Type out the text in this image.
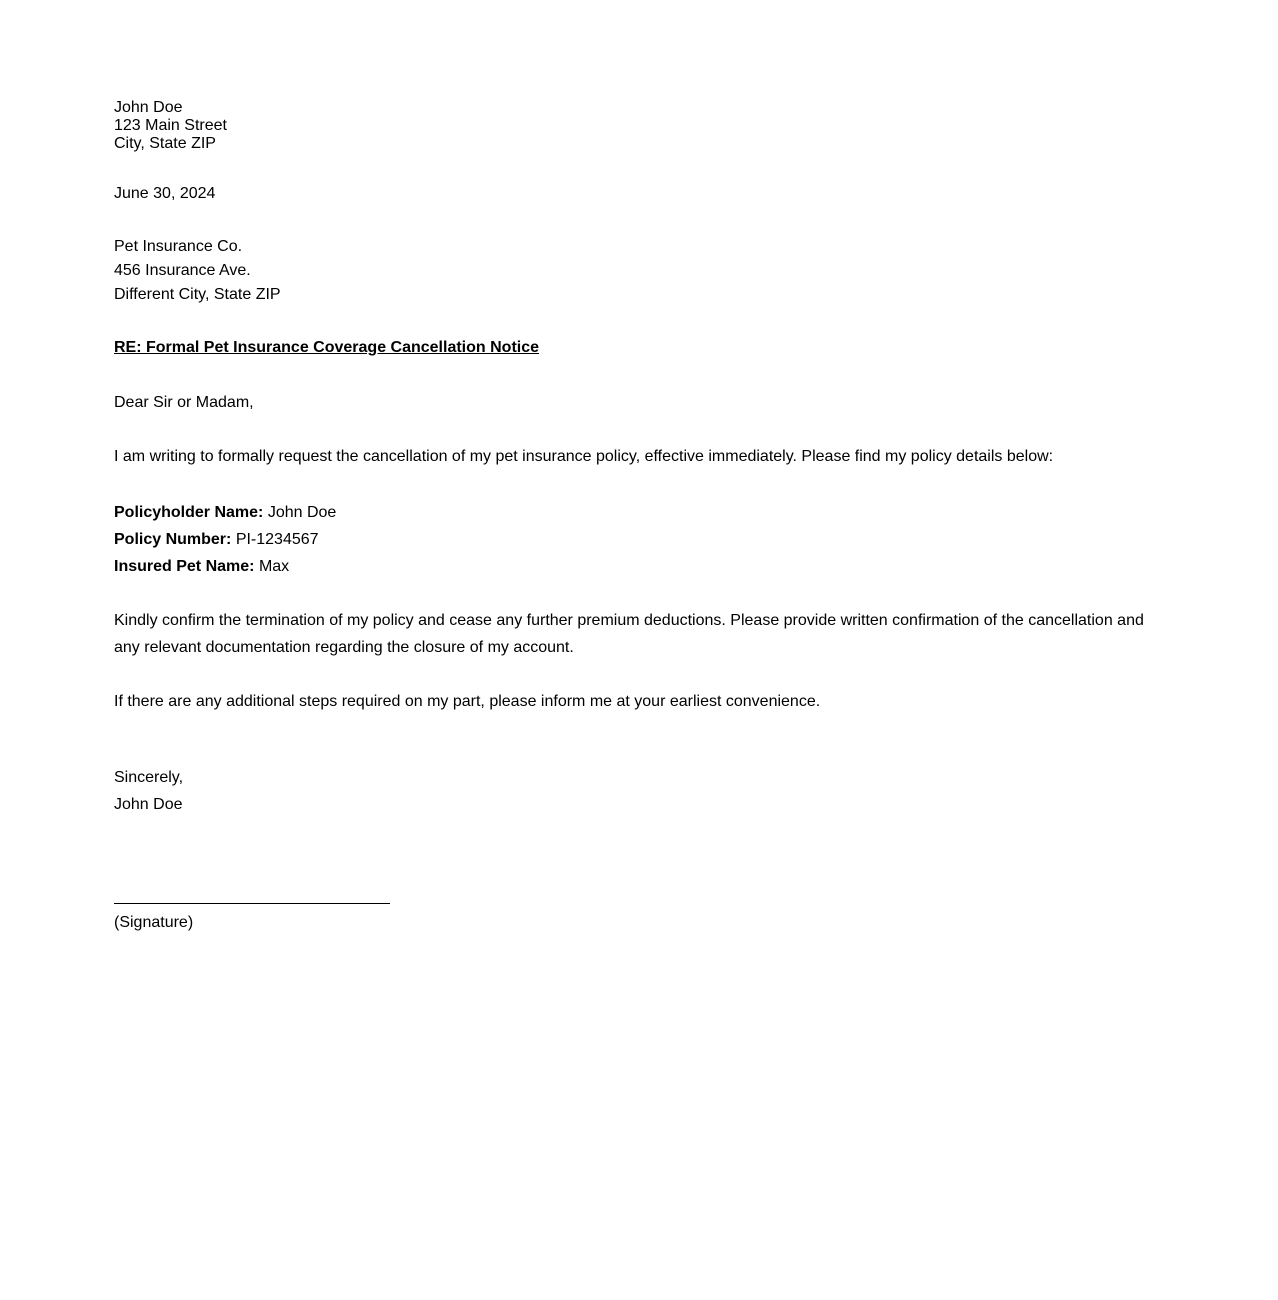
John Doe
123 Main Street
City, State ZIP
June 30, 2024
Pet Insurance Co.
456 Insurance Ave.
Different City, State ZIP
RE: Formal Pet Insurance Coverage Cancellation Notice
Dear Sir or Madam,
I am writing to formally request the cancellation of my pet insurance policy, effective immediately. Please find my policy details below:
Policyholder Name: John Doe
Policy Number: PI-1234567
Insured Pet Name: Max
Kindly confirm the termination of my policy and cease any further premium deductions. Please provide written confirmation of the cancellation and any relevant documentation regarding the closure of my account.
If there are any additional steps required on my part, please inform me at your earliest convenience.
Sincerely,
John Doe
(Signature)
